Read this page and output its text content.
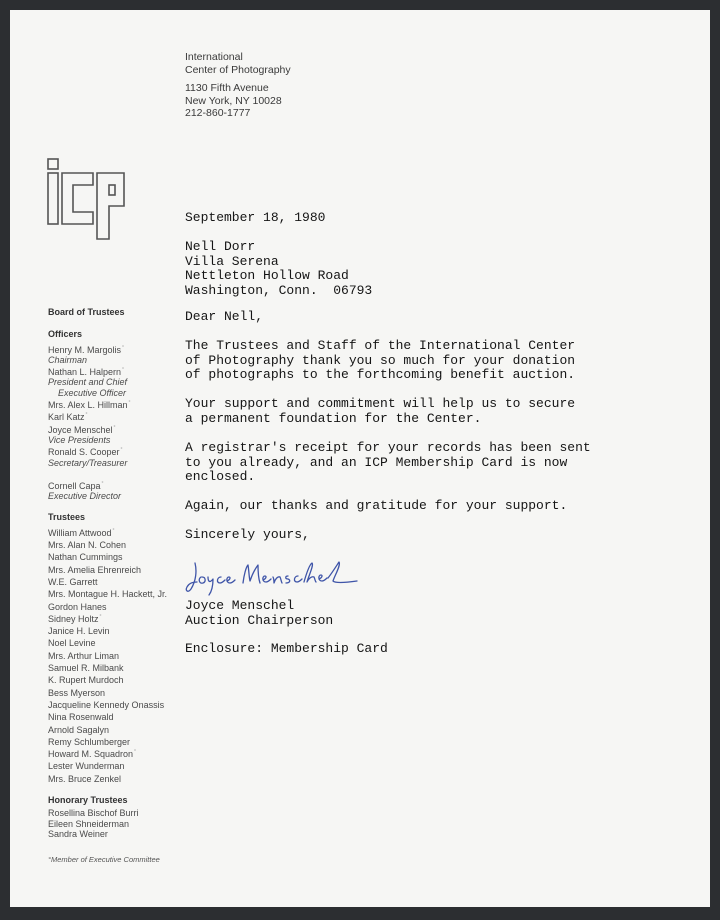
International
Center of Photography
1130 Fifth Avenue
New York, NY 10028
212-860-1777
Board of Trustees
Officers
Henry M. Margolis°
Chairman
Nathan L. Halpern°
President and Chief
Executive Officer
Mrs. Alex L. Hillman°
Karl Katz°
Joyce Menschel°
Vice Presidents
Ronald S. Cooper°
Secretary/Treasurer
Cornell Capa°
Executive Director
Trustees
William Attwood°
Mrs. Alan N. Cohen
Nathan Cummings
Mrs. Amelia Ehrenreich
W.E. Garrett
Mrs. Montague H. Hackett, Jr.
Gordon Hanes
Sidney Holtz°
Janice H. Levin
Noel Levine
Mrs. Arthur Liman
Samuel R. Milbank
K. Rupert Murdoch
Bess Myerson
Jacqueline Kennedy Onassis
Nina Rosenwald
Arnold Sagalyn
Remy Schlumberger
Howard M. Squadron°
Lester Wunderman
Mrs. Bruce Zenkel
Honorary Trustees
Rosellina Bischof Burri
Eileen Shneiderman
Sandra Weiner
°Member of Executive Committee
September 18, 1980
Nell Dorr
Villa Serena
Nettleton Hollow Road
Washington, Conn.  06793
Dear Nell,
The Trustees and Staff of the International Center
of Photography thank you so much for your donation
of photographs to the forthcoming benefit auction.
Your support and commitment will help us to secure
a permanent foundation for the Center.
A registrar's receipt for your records has been sent
to you already, and an ICP Membership Card is now
enclosed.
Again, our thanks and gratitude for your support.
Sincerely yours,
Joyce Menschel
Auction Chairperson
Enclosure: Membership Card
